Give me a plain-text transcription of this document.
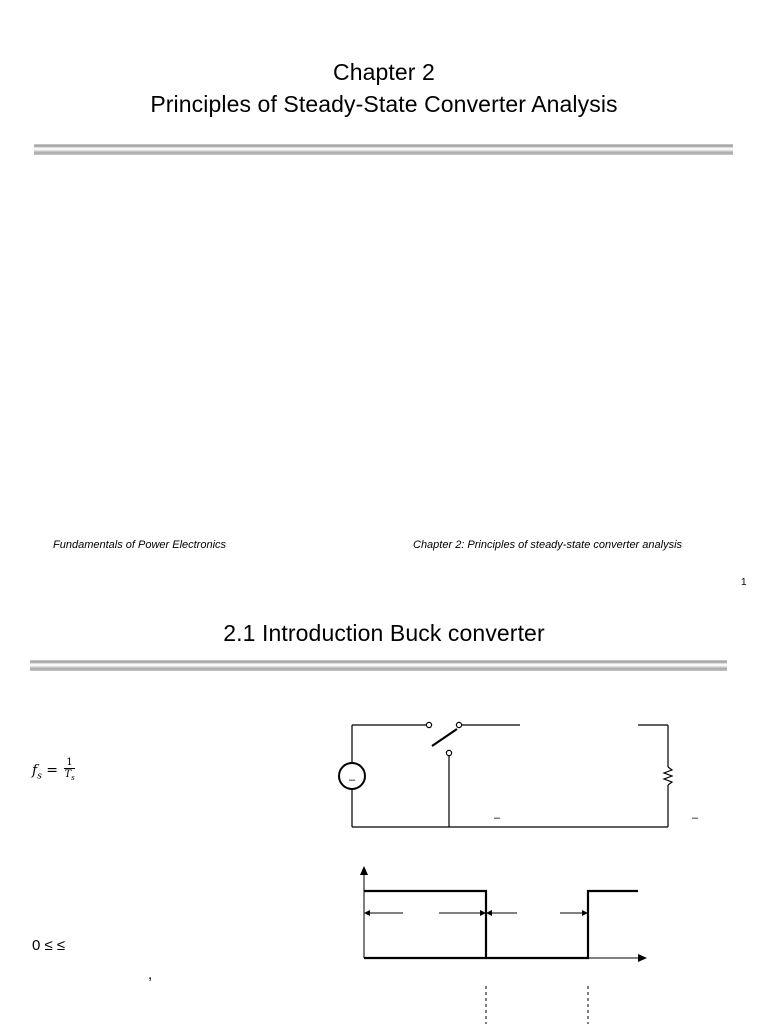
Chapter 2
Principles of Steady-State Converter Analysis
Fundamentals of Power Electronics	Chapter 2: Principles of steady-state converter analysis
1
2.1 Introduction Buck converter
$f_s = \frac{1}{T_s}$
0 ≤ ≤
,
–
–	–
